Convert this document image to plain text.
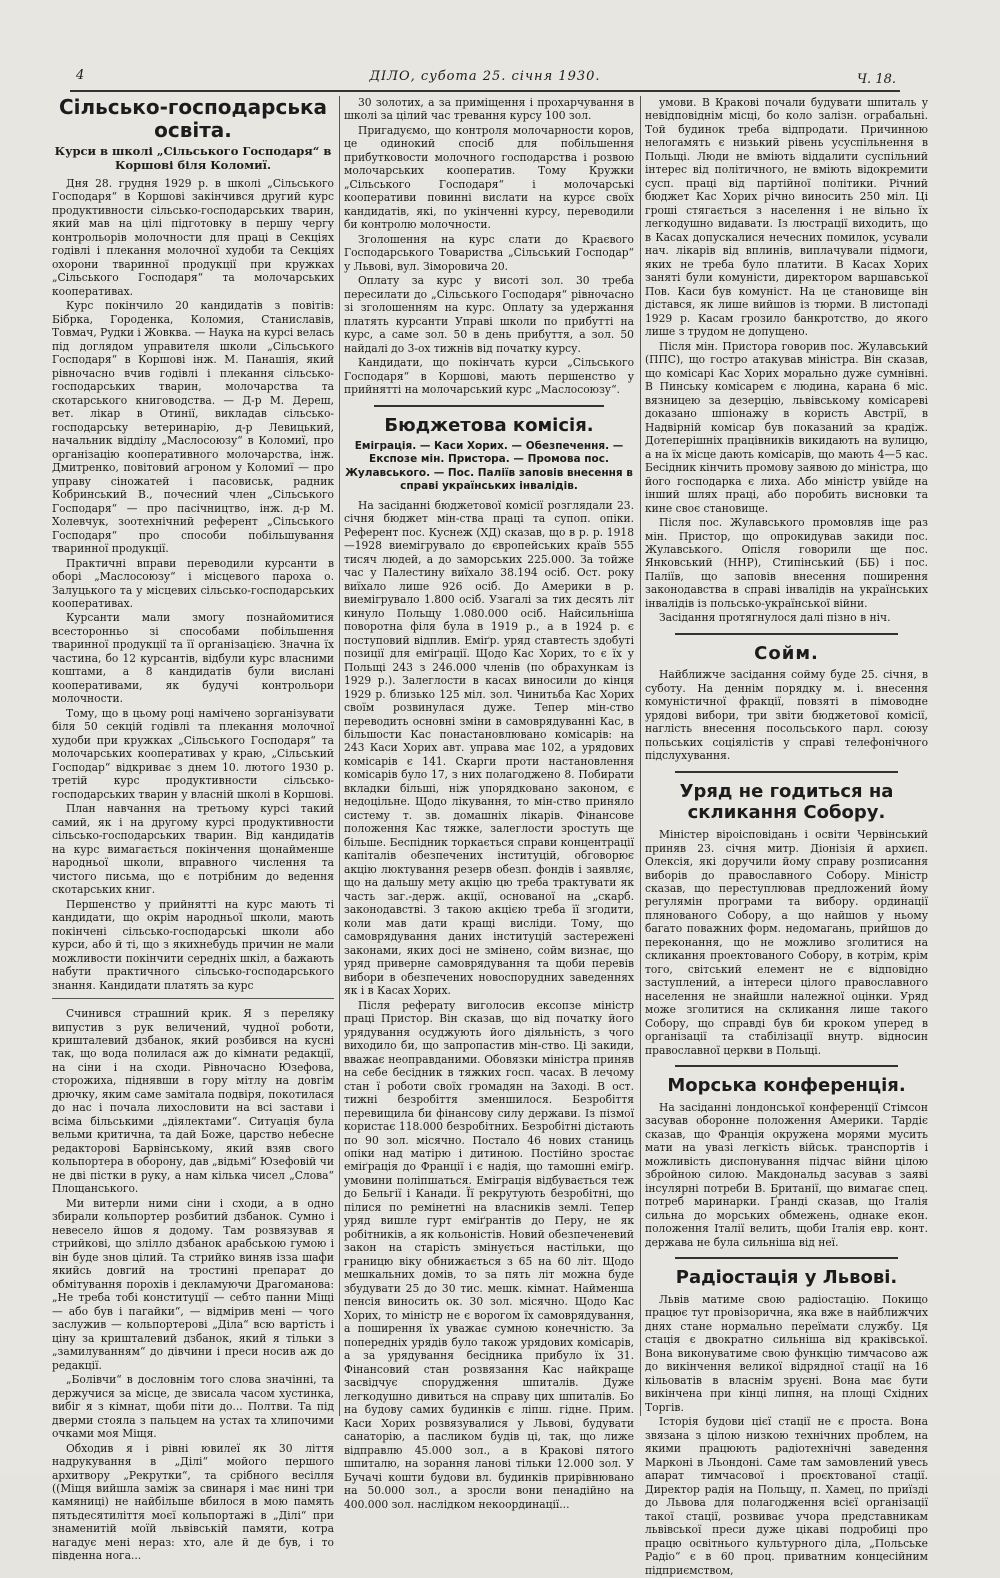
4	ДІЛО, субота 25. січня 1930.	Ч. 18.
Сільсько-господарська освіта.
Курси в школі „Сільського Господаря“ в Коршові біля Коломиї.

Дня 28. грудня 1929 р. в школі „Сільського Господаря“ в Коршові закінчився другий курс продуктивности сільсько-господарських тварин, який мав на цілі підготовку в першу чергу контрольорів молочности для праці в Секціях годівлі і плекання молочної худоби та Секціях охорони тваринної продукції при кружках „Сільського Господаря“ та молочарських кооперативах.

Курс покінчило 20 кандидатів з повітів: Бібрка, Городенка, Коломия, Станиславів, Товмач, Рудки і Жовква. — Наука на курсі велась під доглядом управителя школи „Сільського Господаря“ в Коршові інж. М. Панашія, який рівночасно вчив годівлі і плекання сільсько-господарських тварин, молочарства та скотарського книговодства. — Д-р М. Дереш, вет. лікар в Отинії, викладав сільсько-господарську ветеринарію, д-р Левицький, начальник відділу „Маслосоюзу“ в Коломиї, про організацію кооперативного молочарства, інж. Дмитренко, повітовий агроном у Коломиї — про управу сіножатей і пасовиськ, радник Кобринський В., почесний член „Сільського Господаря“ — про пасічництво, інж. д-р М. Холевчук, зоотехнічний референт „Сільського Господаря“ про способи побільшування тваринної продукції.

Практичні вправи переводили курсанти в оборі „Маслосоюзу“ і місцевого пароха о. Залуцького та у місцевих сільсько-господарських кооперативах.

Курсанти мали змогу познайомитися всесторонньо зі способами побільшення тваринної продукції та її організацією. Значна їх частина, бо 12 курсантів, відбули курс власними коштами, а 8 кандидатів були вислані кооперативами, як будучі контрольори молочности.

Тому, що в цьому році намічено зорганізувати біля 50 секцій годівлі та плекання молочної худоби при кружках „Сільського Господаря“ та молочарських кооперативах у краю, „Сільський Господар“ відкриває з днем 10. лютого 1930 р. третій курс продуктивности сільсько-господарських тварин у власній школі в Коршові.

План навчання на третьому курсі такий самий, як і на другому курсі продуктивности сільсько-господарських тварин. Від кандидатів на курс вимагається покінчення щонайменше народньої школи, вправного числення та чистого письма, що є потрібним до ведення скотарських книг.

Першенство у прийнятті на курс мають ті кандидати, що окрім народньої школи, мають покінчені сільсько-господарські школи або курси, або й ті, що з якихнебудь причин не мали можливости покінчити середніх шкіл, а бажають набути практичного сільсько-господарського знання. Кандидати платять за курс

Счинився страшний крик. Я з переляку випустив з рук величений, чудної роботи, кришталевий дзбанок, який розбився на кусні так, що вода полилася аж до кімнати редакції, на сіни і на сходи. Рівночасно Юзефова, сторожиха, піднявши в гору мітлу на довгім дрючку, яким саме замітала подвіря, покотилася до нас і почала лихословити на всі застави і всіма більськими „діялектами“. Ситуація була вельми критична, та дай Боже, царство небесне редакторові Барвінському, який взяв свого кольпортера в оборону, дав „відьмі“ Юзефовій чи не дві пістки в руку, а нам кілька чисел „Слова“ Площанського.

Ми витерли ними сіни і сходи, а в одно збирали кольпортер розбитий дзбанок. Сумно і невесело йшов я додому. Там розвязував я стрийкові, що злілло дзбанок арабською гумою і він буде знов цілий. Та стрийко виняв ізза шафи якийсь довгий на тростині препарат до обмітування порохів і декламуючи Драгоманова: „Не треба тобі конституції — себто панни Міщі — або був і пагайки“, — відмірив мені — чого заслужив — кольпортерові „Діла“ всю вартість і ціну за кришталевий дзбанок, який я тільки з „замилуванням“ до дівчини і преси носив аж до редакції.

„Болівчи“ в дословнім того слова значінні, та держучися за місце, де звисала часом хустинка, вибіг я з кімнат, щоби піти до... Полтви. Та під дверми стояла з пальцем на устах та хлипочими очками моя Міщя.

Обходив я і рівні ювилеї як 30 ліття надрукування в „Ділі“ мойого першого архитвору „Рекрутки“, та срібного весілля ((Міщя вийшла заміж за свинаря і має нині три камяниці) не найбільше вбилося в мою память пятьдесятиліття моєї кольпортажі в „Ділі“ при знаменитій моїй львівській памяти, котра нагадує мені нераз: хто, але й де був, і то південна нога...

30 золотих, а за приміщення і прохарчування в школі за цілий час тревання курсу 100 зол.

Пригадуємо, що контроля молочарности коров, це одинокий спосіб для побільшення прибутковости молочного господарства і розвою молочарських кооператив. Тому Кружки „Сільського Господаря“ і молочарські кооперативи повинні вислати на курсє своїх кандидатів, які, по укінченні курсу, переводили би контролю молочности.

Зголошення на курс слати до Краєвого Господарського Товариства „Сільський Господар“ у Львові, вул. Зіморовича 20.

Оплату за курс у висоті зол. 30 треба пересилати до „Сільського Господаря“ рівночасно зі зголошенням на курс. Оплату за удержання платять курсанти Управі школи по прибутті на курс, а саме зол. 50 в день прибуття, а зол. 50 найдалі до 3-ох тижнів від початку курсу.

Кандидати, що покінчать курси „Сільського Господаря“ в Коршові, мають першенство у прийнятті на молочарський курс „Маслосоюзу“.

Бюджетова комісія.
Еміграція. — Каси Хорих. — Обезпечення. — Експозе мін. Пристора. — Промова пос. Жулавського. — Пос. Паліїв заповів внесення в справі українських інвалідів.

На засіданні бюджетової комісії розглядали 23. січня бюджет мін-ства праці та супоп. опіки. Референт пос. Куснеж (ХД) сказав, що в р. р. 1918—1928 виемігрувало до європейських країв 555 тисяч людей, а до заморських 225.000. За тойже час у Палестину виїхало 38.194 осіб. Ост. року виїхало лише 926 осіб. До Америки в р. виемігрувало 1.800 осіб. Узагалі за тих десять літ кинуло Польщу 1.080.000 осіб. Найсильніша поворотна філя була в 1919 р., а в 1924 р. є поступовий відплив. Еміґр. уряд ставтесть здобуті позиції для еміґрації. Щодо Кас Хорих, то є їх у Польщі 243 з 246.000 членів (по обрахункам із 1929 р.). Залеглости в касах виносили до кінця 1929 р. близько 125 міл. зол. Чинитьба Кас Хорих своїм розвинулася дуже. Тепер мін-ство переводить основні зміни в самоврядуванні Кас, в більшости Кас понастановлювано комісарів: на 243 Каси Хорих авт. управа має 102, а урядових комісарів є 141. Скарги проти настановлення комісарів було 17, з них полагоджено 8. Побирати вкладки більші, ніж упорядковано законом, є недоцільне. Щодо лікування, то мін-ство приняло систему т. зв. домашніх лікарів. Фінансове положення Кас тяжке, залеглости зростуть ще більше. Беспідник торкається справи концентрації капіталів обезпечених інституцій, обговорює акцію люктування резерв обезп. фондів і заявляє, що на дальшу мету акцію цю треба трактувати як часть заг.-держ. акції, основаної на „скарб. законодавстві. З такою акцією треба її згодити, коли мав дати кращі висліди. Тому, що самоврядування даних інституцій застереженi законами, яких досі не змінено, сойм визнає, що уряд приверне самоврядування та щоби перевів вибори в обезпечених новоспорудних заведеннях як і в Касах Хорих.

Після реферату виголосив ексопзе міністр праці Пристор. Він сказав, що від початку його урядування осуджують його діяльність, з чого виходило би, що запропастив мін-ство. Ці закиди, вважає неоправданими. Обовязки міністра приняв на себе бесідник в тяжких госп. часах. В лечому стан ї роботи своїх громадян на Заході. В ост. тижні безробіття зменшилося. Безробіття перевищила би фінансову силу держави. Із пізмої користає 118.000 безробітних. Безробітні дістають по 90 зол. місячно. Постало 46 нових станиць опіки над матірю і дитиною. Постійно зростає еміґрація до Франції і є надія, що тамошні еміґр. умовини поліпшаться. Еміграція відбувається теж до Бельгії і Канади. Її рекрутують безробітні, що пілися по ремінетні на власників землі. Тепер уряд вишле гурт еміґрантів до Перу, не як робітників, а як кольоністів. Новий обезпеченевий закон на старість змінується настільки, що границю віку обнижається з 65 на 60 літ. Щодо мешкальних домів, то за пять літ можна буде збудувати 25 до 30 тис. мешк. кімнат. Найменша пенсія виносить ок. 30 зол. місячно. Щодо Кас Хорих, то міністр не є ворогом їх самоврядування, а поширення їх уважає сумною конечністю. За попередніх урядів було також урядових комісарів, а за урядування бесідника прибуло їх 31. Фінансовий стан розвязання Кас найкраще засвідчує спорудження шпиталів. Дуже легкодушно дивиться на справу цих шпиталів. Бо на будову самих будинків є ліпш. гідне. Прим. Каси Хорих розвязувалися у Львові, будувати санаторію, а пасликом будів ці, так, що лиже відправлю 45.000 зол., а в Кракові пятого шпиталю, на зорання ланові тільки 12.000 зол. У Бучачі кошти будови вл. будинків прирівнювано на 50.000 зол., а зросли вони пенадійно на 400.000 зол. наслідком некоординації...

умови. В Кракові почали будувати шпиталь у невідповіднім місці, бо коло залізн. ограбальні. Той будинок треба відпродати. Причинною нелогамять є низький рівень усуспільнення в Польщі. Люди не вміють віддалити суспільний інтерес від політичного, не вміють відокремити сусп. праці від партійної політики. Річний бюджет Кас Хорих річно виносить 250 міл. Ці гроші стягається з населення і не вільно їх легкодушно видавати. Із люстрації виходить, що в Касах допускалися нечесних помилок, усували нач. лікарів від вплинів, виплачували підмоги, яких не треба було платити. В Касах Хорих заняті були комуністи, директором варшавської Пов. Каси був комуніст. На це становище він дістався, як лише вийшов із тюрми. В листопаді 1929 р. Касам грозило банкротство, до якого лише з трудом не допущено.

Після мін. Пристора говорив пос. Жулавський (ППС), що гостро атакував міністра. Він сказав, що комісарі Кас Хорих морально дуже сумнівні. В Пинську комісарем є людина, карана 6 міс. вязницею за дезерцію, львівському комісареві доказано шпіонажу в користь Австрії, в Надвірній комісар був показаний за крадіж. Дотеперішніх працівників викидають на вулицю, а на їх місце дають комісарів, що мають 4—5 кас. Бесідник кінчить промову заявою до міністра, що його господарка є лиха. Або міністр увійде на інший шлях праці, або поробить висновки та кине своє становище.

Після пос. Жулавського промовляв іще раз мін. Пристор, що опрокидував закиди пос. Жулавського. Опісля говорили ще пос. Янковський (ННР), Стипінський (ББ) і пос. Паліїв, що заповів внесення поширення законодавства в справі інвалідів на українських інвалідів із польсько-української війни.

Засідання протягнулося далі пізно в ніч.

Сойм.

Найближче засідання сойму буде 25. січня, в суботу. На деннім порядку м. і. внесення комуністичної фракції, повзяті в пімоводне урядові вибори, три звіти бюджетової комісії, наглість внесення посольського парл. союзу польських соціялістів у справі телефонічного підслухування.

Уряд не годиться на скликання Собору.

Міністер віроісповідань і освіти Червінський приняв 23. січня митр. Діонізія й архиєп. Олексія, які доручили йому справу розписання виборів до православного Собору. Міністр сказав, що переступлював предложений йому регулямін програми та вибору. ординації плянованого Собору, а що найшов у ньому багато поважних форм. недомагань, прийшов до переконання, що не можливо зголитися на скликання проектованого Собору, в котрім, крім того, світський елемент не є відповідно заступлений, а інтереси цілого православного населення не знайшли належної оцінки. Уряд може зголитися на скликання лише такого Собору, що справді був би кроком уперед в організації та стабілізації внутр. відносин православної церкви в Польщі.

Морська конференція.

На засіданні лондонської конференції Стімсон засував оборонне положення Америки. Тардіє сказав, що Франція окружена морями мусить мати на увазі легкість військ. транспортів і можливість диспонування підчас війни цілою збройною силою. Макдональд засував з заяві інсулярні потреби В. Британії, що вимагає спец. потреб маринарки. Ґранді сказав, що Італія сильна до морських обмежень, однаке екон. положення Італії велить, щоби Італія евр. конт. держава не була сильніша від неї.

Радіостація у Львові.

Львів матиме свою радіостацію. Покищо працює тут провізорична, яка вже в найближчих днях стане нормально переїмати службу. Ця стація є двократно сильніша від краківської. Вона виконуватиме свою функцію тимчасово аж до викінчення великої відрядної стації на 16 кільоватів в власнім зруєні. Вона має бути викінчена при кінці липня, на площі Східних Торгів.

Історія будови цієї стації не є проста. Вона звязана з цілою низкою технічних проблем, на якими працюють радіотехнічні заведення Марконі в Льондоні. Саме там замовлений увесь апарат тимчасової і проєктованої стації. Директор радія на Польщу, п. Хамец, по приїзді до Львова для полагодження всієї організації такої стації, розвиває учора представникам львівської преси дуже цікаві подробиці про працю освітнього культурного діла, „Польське Радіо“ є в 60 проц. приватним концесійним підприємством,
